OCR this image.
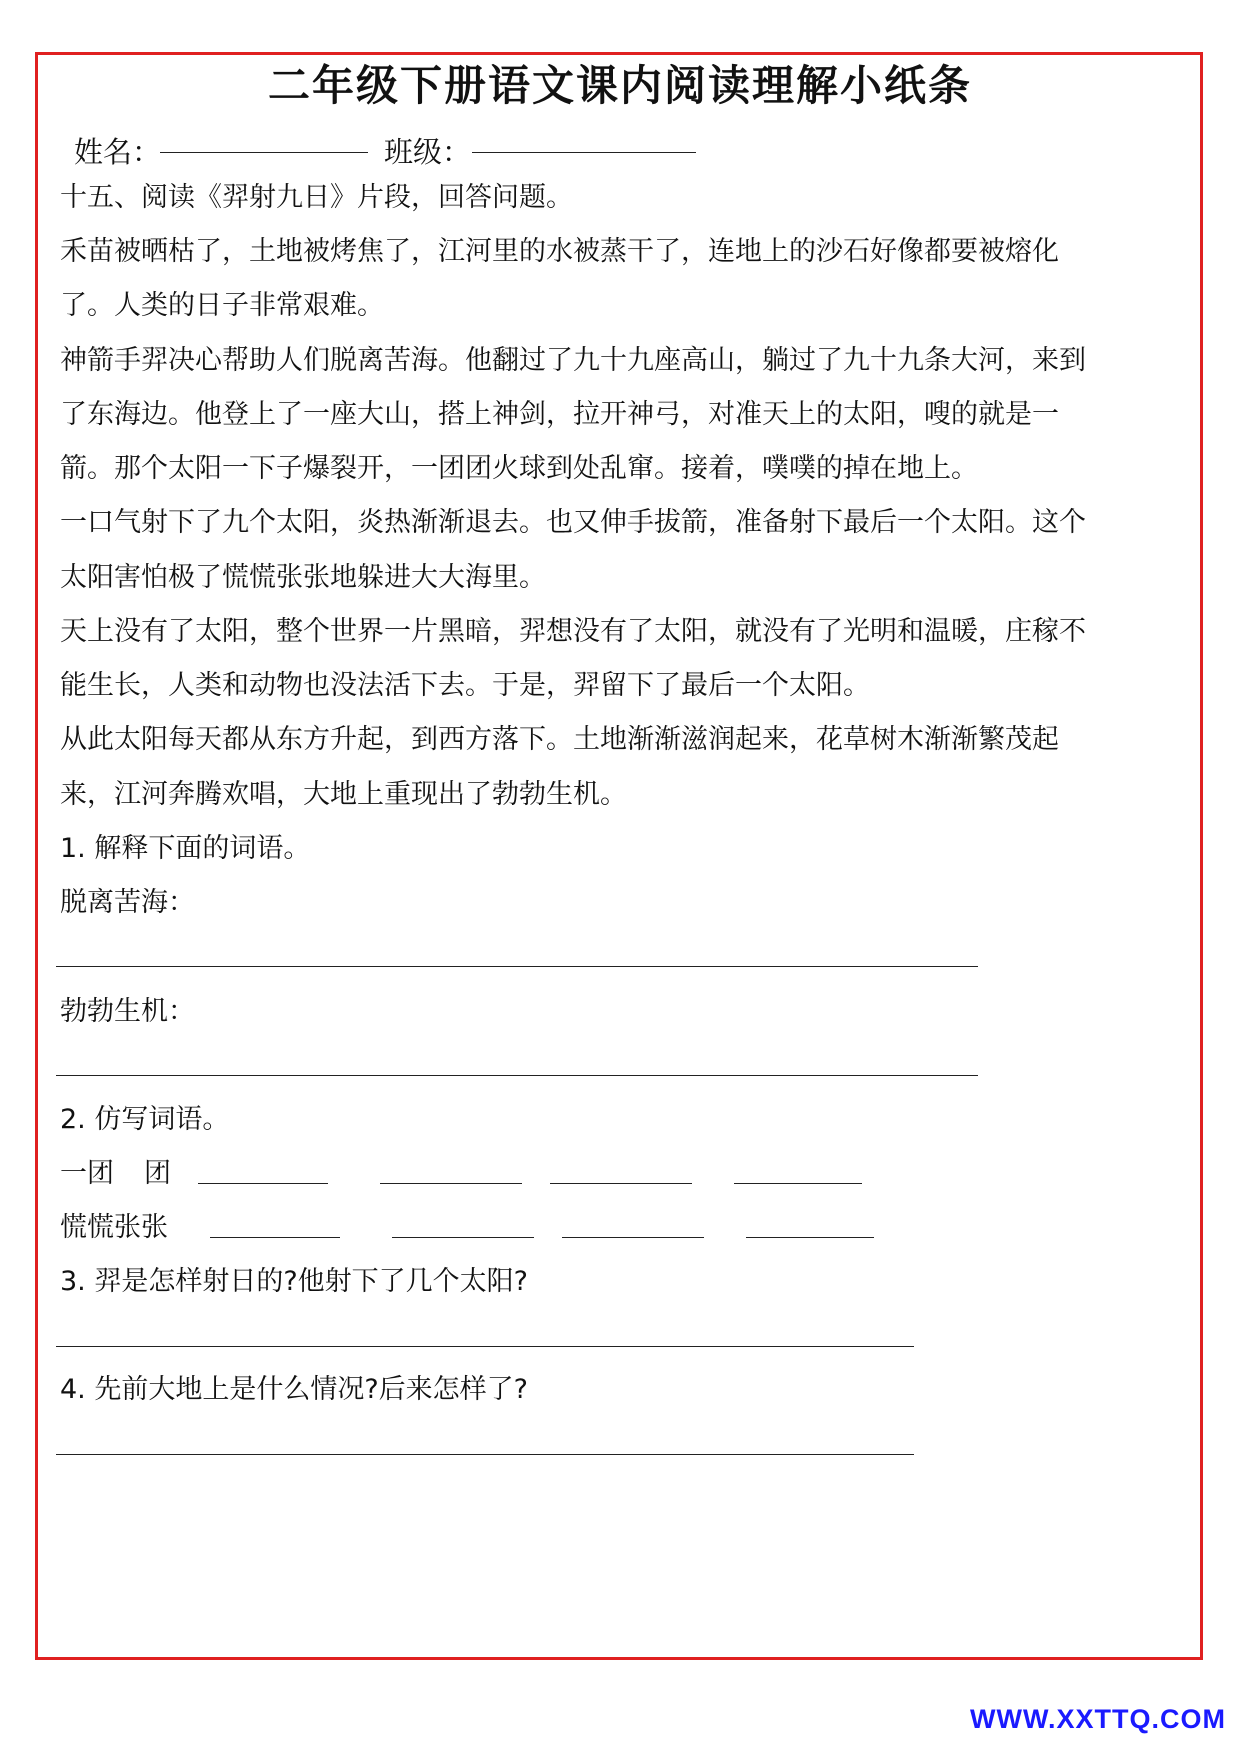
二年级下册语文课内阅读理解小纸条
姓名：	班级：
十五、阅读《羿射九日》片段，回答问题。
禾苗被晒枯了，土地被烤焦了，江河里的水被蒸干了，连地上的沙石好像都要被熔化
了。人类的日子非常艰难。
神箭手羿决心帮助人们脱离苦海。他翻过了九十九座高山，躺过了九十九条大河，来到
了东海边。他登上了一座大山，搭上神剑，拉开神弓，对准天上的太阳，嗖的就是一
箭。那个太阳一下子爆裂开，一团团火球到处乱窜。接着，噗噗的掉在地上。
一口气射下了九个太阳，炎热渐渐退去。也又伸手拔箭，准备射下最后一个太阳。这个
太阳害怕极了慌慌张张地躲进大大海里。
天上没有了太阳，整个世界一片黑暗，羿想没有了太阳，就没有了光明和温暖，庄稼不
能生长，人类和动物也没法活下去。于是，羿留下了最后一个太阳。
从此太阳每天都从东方升起，到西方落下。土地渐渐滋润起来，花草树木渐渐繁茂起
来，江河奔腾欢唱，大地上重现出了勃勃生机。
1. 解释下面的词语。
脱离苦海：
勃勃生机：
2. 仿写词语。
一团 团
慌慌张张
3. 羿是怎样射日的?他射下了几个太阳?
4. 先前大地上是什么情况?后来怎样了?
WWW.XXTTQ.COM
